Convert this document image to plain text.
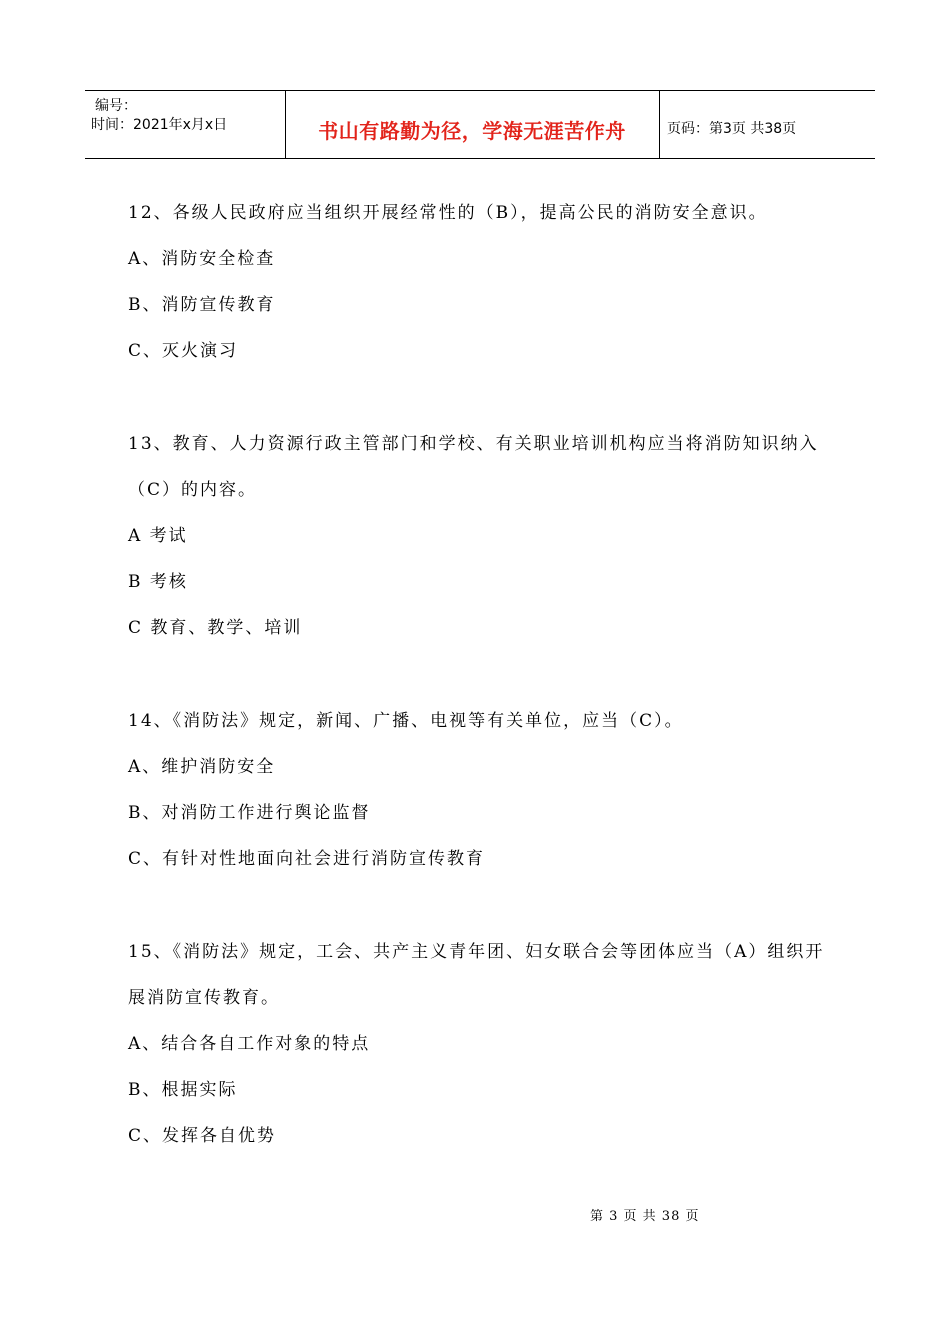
编号：
时间：2021年x月x日	书山有路勤为径，学海无涯苦作舟	页码：第3页 共38页
12、各级人民政府应当组织开展经常性的（B），提高公民的消防安全意识。
A、消防安全检查
B、消防宣传教育
C、灭火演习
13、教育、人力资源行政主管部门和学校、有关职业培训机构应当将消防知识纳入
（C）的内容。
A 考试
B 考核
C 教育、教学、培训
14、《消防法》规定，新闻、广播、电视等有关单位，应当（C）。
A、维护消防安全
B、对消防工作进行舆论监督
C、有针对性地面向社会进行消防宣传教育
15、《消防法》规定，工会、共产主义青年团、妇女联合会等团体应当（A）组织开
展消防宣传教育。
A、结合各自工作对象的特点
B、根据实际
C、发挥各自优势
第 3 页 共 38 页
